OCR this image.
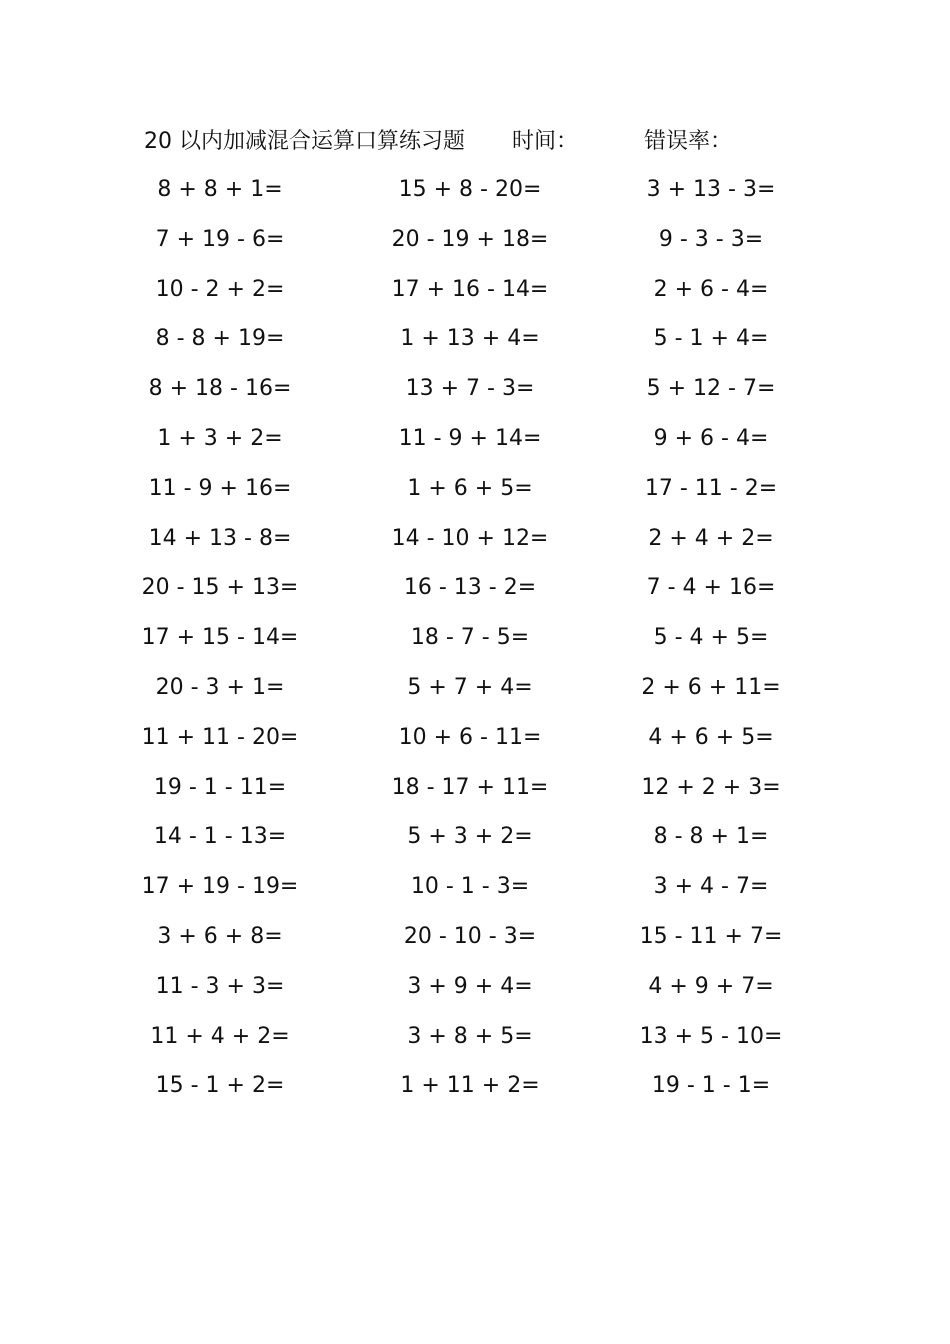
20 以内加减混合运算口算练习题 时间：	错误率：
8 + 8 + 1=	15 + 8 - 20=	3 + 13 - 3=
7 + 19 - 6=	20 - 19 + 18=	9 - 3 - 3=
10 - 2 + 2=	17 + 16 - 14=	2 + 6 - 4=
8 - 8 + 19=	1 + 13 + 4=	5 - 1 + 4=
8 + 18 - 16=	13 + 7 - 3=	5 + 12 - 7=
1 + 3 + 2=	11 - 9 + 14=	9 + 6 - 4=
11 - 9 + 16=	1 + 6 + 5=	17 - 11 - 2=
14 + 13 - 8=	14 - 10 + 12=	2 + 4 + 2=
20 - 15 + 13=	16 - 13 - 2=	7 - 4 + 16=
17 + 15 - 14=	18 - 7 - 5=	5 - 4 + 5=
20 - 3 + 1=	5 + 7 + 4=	2 + 6 + 11=
11 + 11 - 20=	10 + 6 - 11=	4 + 6 + 5=
19 - 1 - 11=	18 - 17 + 11=	12 + 2 + 3=
14 - 1 - 13=	5 + 3 + 2=	8 - 8 + 1=
17 + 19 - 19=	10 - 1 - 3=	3 + 4 - 7=
3 + 6 + 8=	20 - 10 - 3=	15 - 11 + 7=
11 - 3 + 3=	3 + 9 + 4=	4 + 9 + 7=
11 + 4 + 2=	3 + 8 + 5=	13 + 5 - 10=
15 - 1 + 2=	1 + 11 + 2=	19 - 1 - 1=
